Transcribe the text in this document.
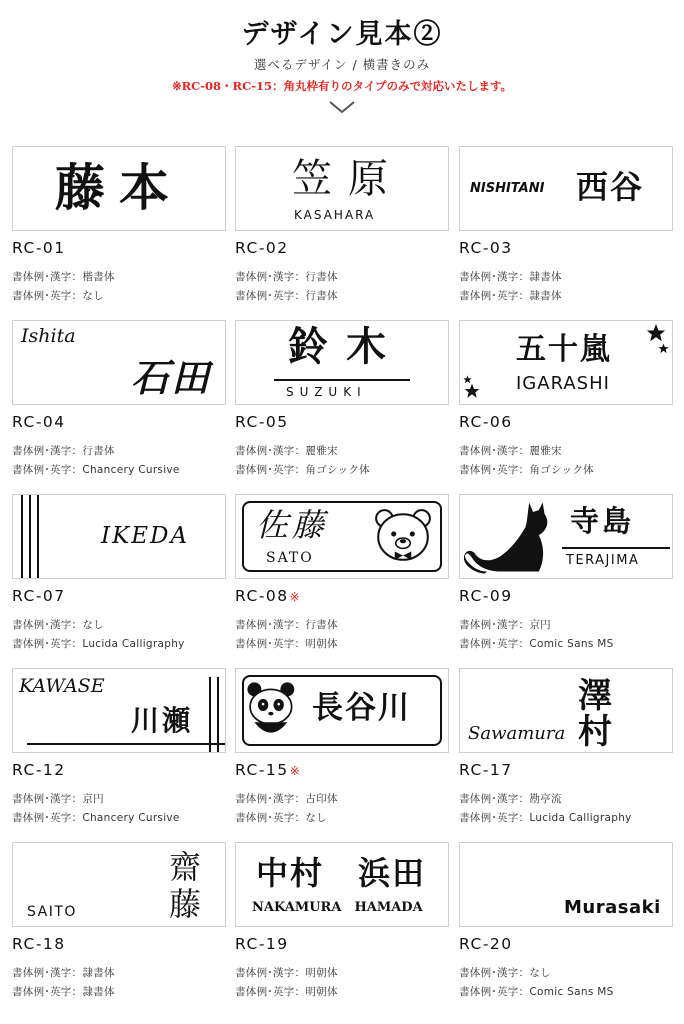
デザイン見本②
選べるデザイン / 横書きのみ
※RC-08・RC-15：角丸枠有りのタイプのみで対応いたします。
藤本
RC-01
書体例･漢字：楷書体
書体例･英字：なし
笠原
KASAHARA
RC-02
書体例･漢字：行書体
書体例･英字：行書体
NISHITANI 西谷
RC-03
書体例･漢字：隷書体
書体例･英字：隷書体
Ishita
石田
RC-04
書体例･漢字：行書体
書体例･英字：Chancery Cursive
鈴木
SUZUKI
RC-05
書体例･漢字：麗雅宋
書体例･英字：角ゴシック体
五十嵐
IGARASHI
RC-06
書体例･漢字：麗雅宋
書体例･英字：角ゴシック体
IKEDA
RC-07
書体例･漢字：なし
書体例･英字：Lucida Calligraphy
佐藤
SATO
RC-08※
書体例･漢字：行書体
書体例･英字：明朝体
寺島
TERAJIMA
RC-09
書体例･漢字：京円
書体例･英字：Comic Sans MS
KAWASE
川瀬
RC-12
書体例･漢字：京円
書体例･英字：Chancery Cursive
長谷川
RC-15※
書体例･漢字：古印体
書体例･英字：なし
澤村
Sawamura
RC-17
書体例･漢字：勘亭流
書体例･英字：Lucida Calligraphy
齋藤
SAITO
RC-18
書体例･漢字：隷書体
書体例･英字：隷書体
中村　浜田
NAKAMURA　HAMADA
RC-19
書体例･漢字：明朝体
書体例･英字：明朝体
Murasaki
RC-20
書体例･漢字：なし
書体例･英字：Comic Sans MS
